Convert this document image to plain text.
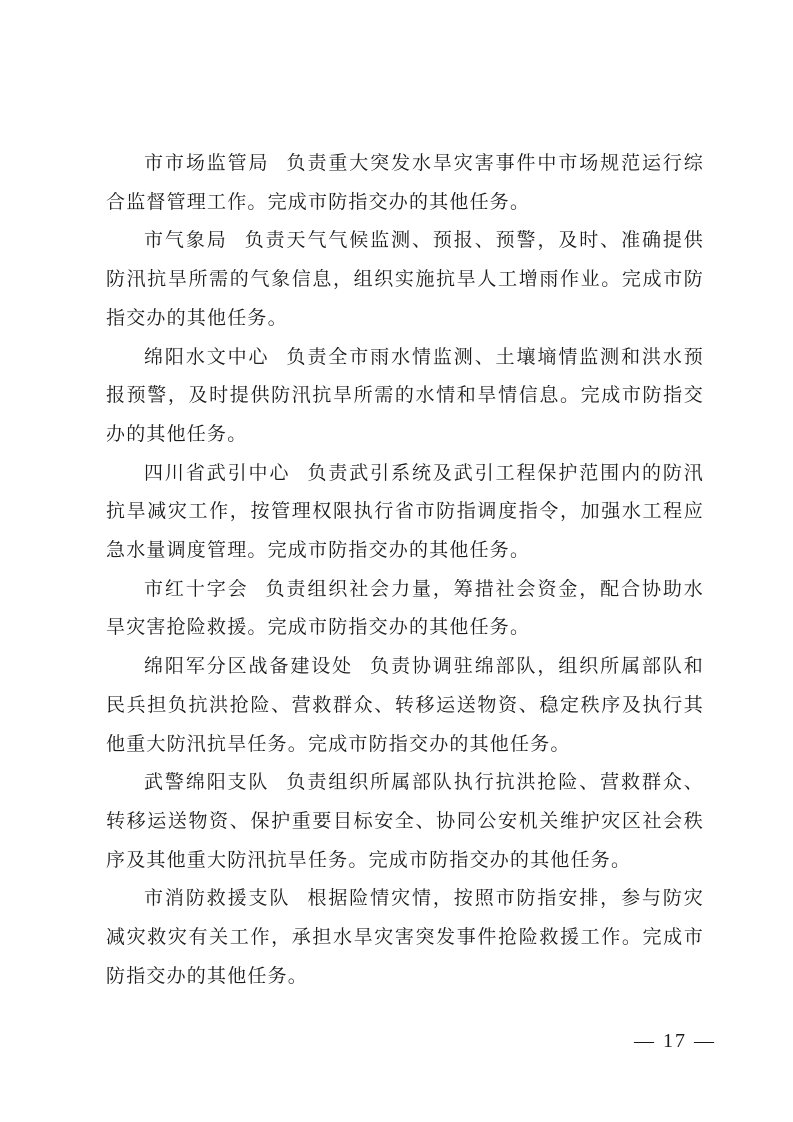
市市场监管局 负责重大突发水旱灾害事件中市场规范运行综合监督管理工作。完成市防指交办的其他任务。

市气象局 负责天气气候监测、预报、预警，及时、准确提供防汛抗旱所需的气象信息，组织实施抗旱人工增雨作业。完成市防指交办的其他任务。

绵阳水文中心 负责全市雨水情监测、土壤墒情监测和洪水预报预警，及时提供防汛抗旱所需的水情和旱情信息。完成市防指交办的其他任务。

四川省武引中心 负责武引系统及武引工程保护范围内的防汛抗旱减灾工作，按管理权限执行省市防指调度指令，加强水工程应急水量调度管理。完成市防指交办的其他任务。

市红十字会 负责组织社会力量，筹措社会资金，配合协助水旱灾害抢险救援。完成市防指交办的其他任务。

绵阳军分区战备建设处 负责协调驻绵部队，组织所属部队和民兵担负抗洪抢险、营救群众、转移运送物资、稳定秩序及执行其他重大防汛抗旱任务。完成市防指交办的其他任务。

武警绵阳支队 负责组织所属部队执行抗洪抢险、营救群众、转移运送物资、保护重要目标安全、协同公安机关维护灾区社会秩序及其他重大防汛抗旱任务。完成市防指交办的其他任务。

市消防救援支队 根据险情灾情，按照市防指安排，参与防灾减灾救灾有关工作，承担水旱灾害突发事件抢险救援工作。完成市防指交办的其他任务。

— 17 —
